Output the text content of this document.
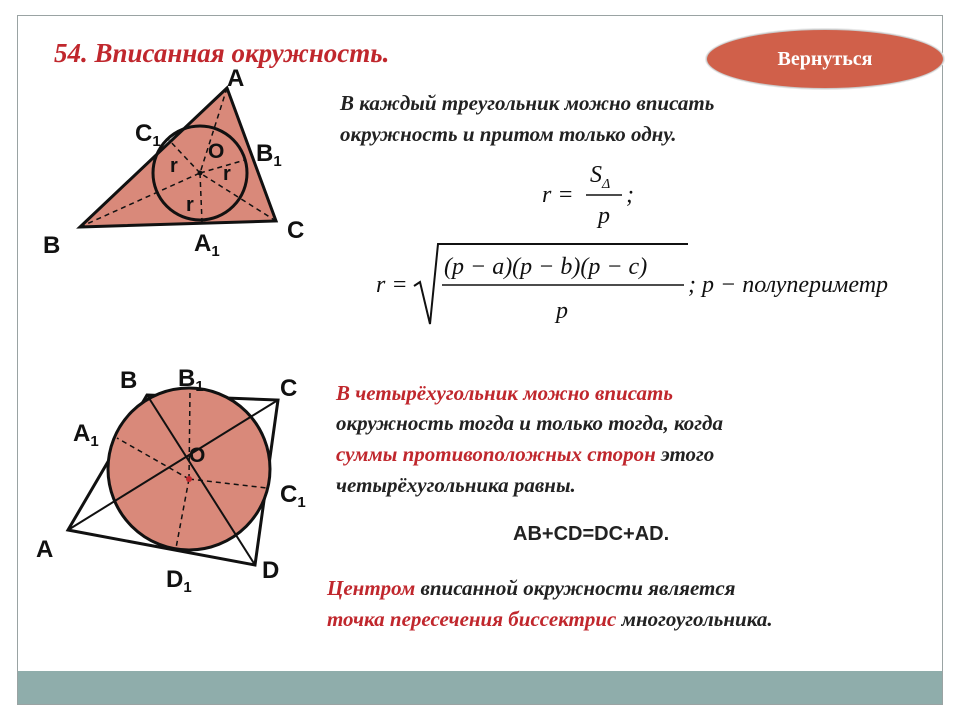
54. Вписанная окружность.	Вернуться
A
B
C
O
$C_1$	$B_1$
$A_1$
r r
r
B $B_1$	C
$A_1$
O
$C_1$
A
D
$D_1$
В каждый треугольник можно вписать
окружность и притом только одну.
r =
$S_\Delta$
p
;
r =
(p − a)(p − b)(p − c)
p
; p − полупериметр
В четырёхугольник можно вписать
окружность тогда и только тогда, когда
суммы противоположных сторон этого
четырёхугольника равны.
AB+CD=DC+AD.
Центром вписанной окружности является
точка пересечения биссектрис многоугольника.
